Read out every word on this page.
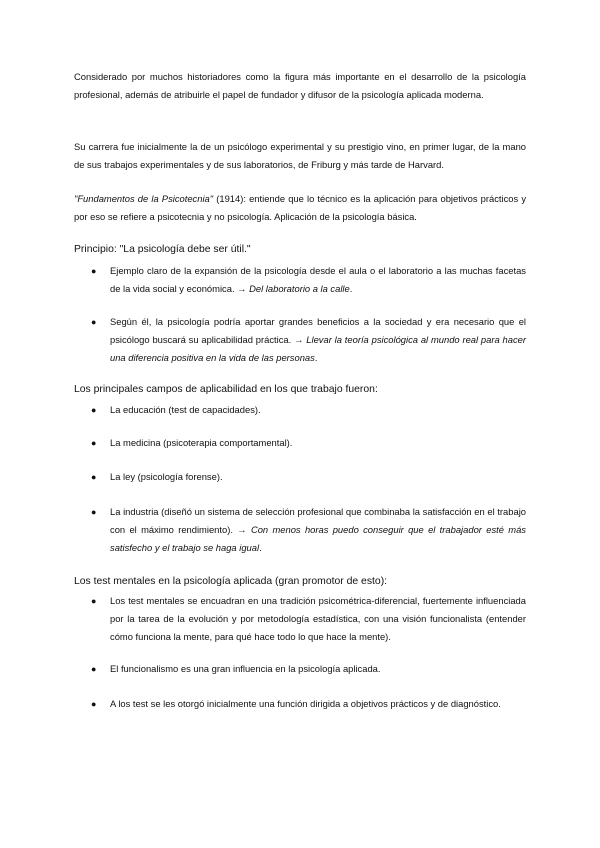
Considerado por muchos historiadores como la figura más importante en el desarrollo de la psicología profesional, además de atribuirle el papel de fundador y difusor de la psicología aplicada moderna.

Su carrera fue inicialmente la de un psicólogo experimental y su prestigio vino, en primer lugar, de la mano de sus trabajos experimentales y de sus laboratorios, de Friburg y más tarde de Harvard.

"Fundamentos de la Psicotecnia" (1914): entiende que lo técnico es la aplicación para objetivos prácticos y por eso se refiere a psicotecnia y no psicología. Aplicación de la psicología básica.

Principio: "La psicología debe ser útil."

● Ejemplo claro de la expansión de la psicología desde el aula o el laboratorio a las muchas facetas de la vida social y económica. → Del laboratorio a la calle.

● Según él, la psicología podría aportar grandes beneficios a la sociedad y era necesario que el psicólogo buscará su aplicabilidad práctica. → Llevar la teoría psicológica al mundo real para hacer una diferencia positiva en la vida de las personas.

Los principales campos de aplicabilidad en los que trabajo fueron:

● La educación (test de capacidades).

● La medicina (psicoterapia comportamental).

● La ley (psicología forense).

● La industria (diseñó un sistema de selección profesional que combinaba la satisfacción en el trabajo con el máximo rendimiento). → Con menos horas puedo conseguir que el trabajador esté más satisfecho y el trabajo se haga igual.

Los test mentales en la psicología aplicada (gran promotor de esto):

● Los test mentales se encuadran en una tradición psicométrica-diferencial, fuertemente influenciada por la tarea de la evolución y por metodología estadística, con una visión funcionalista (entender cómo funciona la mente, para qué hace todo lo que hace la mente).

● El funcionalismo es una gran influencia en la psicología aplicada.

● A los test se les otorgó inicialmente una función dirigida a objetivos prácticos y de diagnóstico.
